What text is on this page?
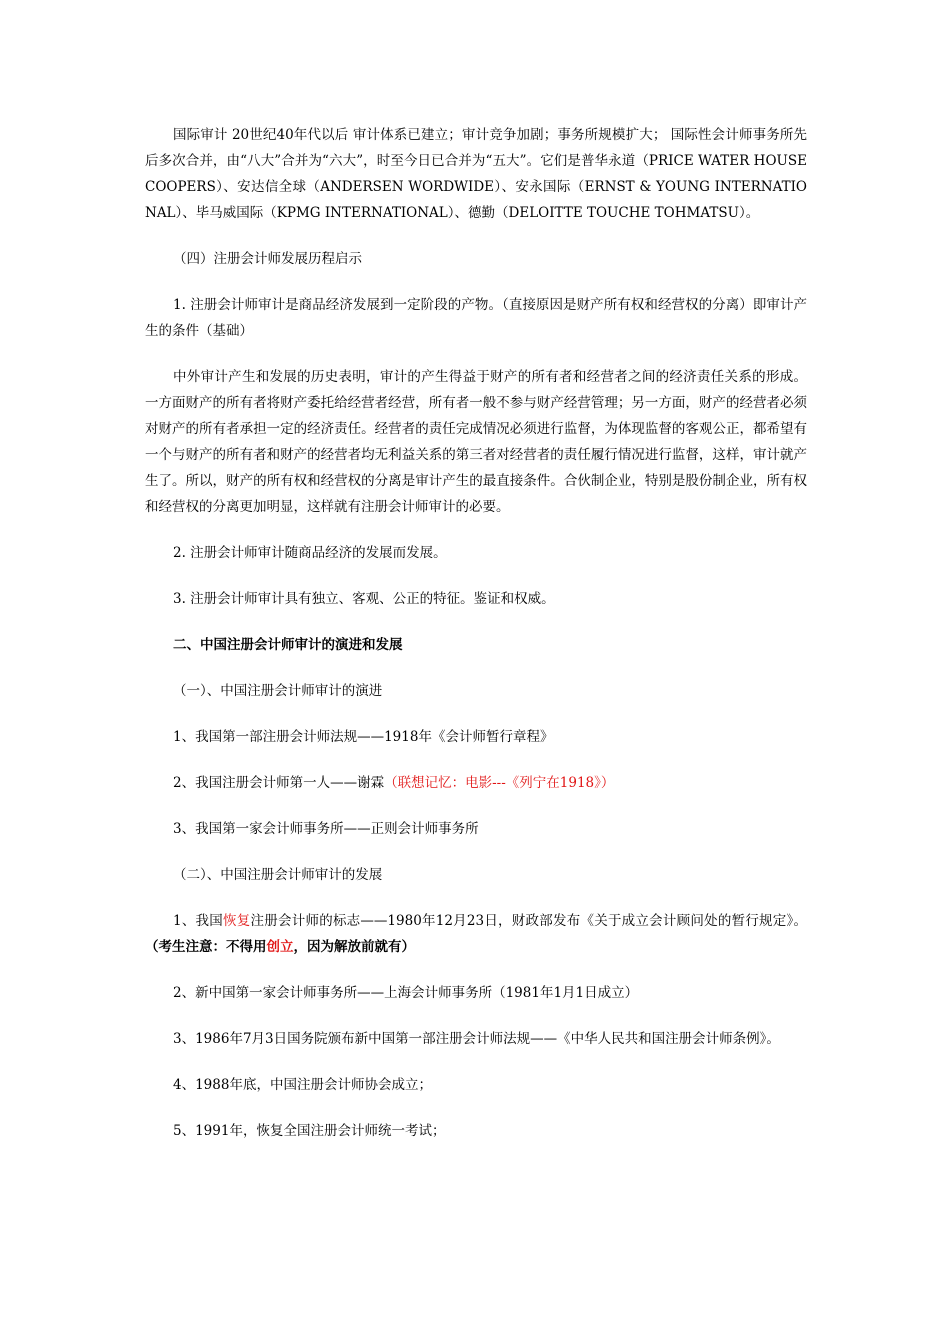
国际审计 20世纪40年代以后 审计体系已建立；审计竞争加剧；事务所规模扩大； 国际性会计师事务所先后多次合并，由“八大”合并为“六大”，时至今日已合并为“五大”。它们是普华永道（PRICE WATER HOUSE COOPERS）、安达信全球（ANDERSEN WORDWIDE）、安永国际（ERNST & YOUNG INTERNATIONAL）、毕马威国际（KPMG INTERNATIONAL）、德勤（DELOITTE TOUCHE TOHMATSU）。

（四）注册会计师发展历程启示

1. 注册会计师审计是商品经济发展到一定阶段的产物。（直接原因是财产所有权和经营权的分离）即审计产生的条件（基础）

中外审计产生和发展的历史表明，审计的产生得益于财产的所有者和经营者之间的经济责任关系的形成。一方面财产的所有者将财产委托给经营者经营，所有者一般不参与财产经营管理；另一方面，财产的经营者必须对财产的所有者承担一定的经济责任。经营者的责任完成情况必须进行监督，为体现监督的客观公正，都希望有一个与财产的所有者和财产的经营者均无利益关系的第三者对经营者的责任履行情况进行监督，这样，审计就产生了。所以，财产的所有权和经营权的分离是审计产生的最直接条件。合伙制企业，特别是股份制企业，所有权和经营权的分离更加明显，这样就有注册会计师审计的必要。

2. 注册会计师审计随商品经济的发展而发展。

3. 注册会计师审计具有独立、客观、公正的特征。鉴证和权威。

二、中国注册会计师审计的演进和发展

（一）、中国注册会计师审计的演进

1、我国第一部注册会计师法规——1918年《会计师暂行章程》

2、我国注册会计师第一人——谢霖（联想记忆：电影---《列宁在1918》）

3、我国第一家会计师事务所——正则会计师事务所

（二）、中国注册会计师审计的发展

1、我国恢复注册会计师的标志——1980年12月23日，财政部发布《关于成立会计顾问处的暂行规定》。（考生注意：不得用创立，因为解放前就有）

2、新中国第一家会计师事务所——上海会计师事务所（1981年1月1日成立）

3、1986年7月3日国务院颁布新中国第一部注册会计师法规——《中华人民共和国注册会计师条例》。

4、1988年底，中国注册会计师协会成立；

5、1991年，恢复全国注册会计师统一考试；
